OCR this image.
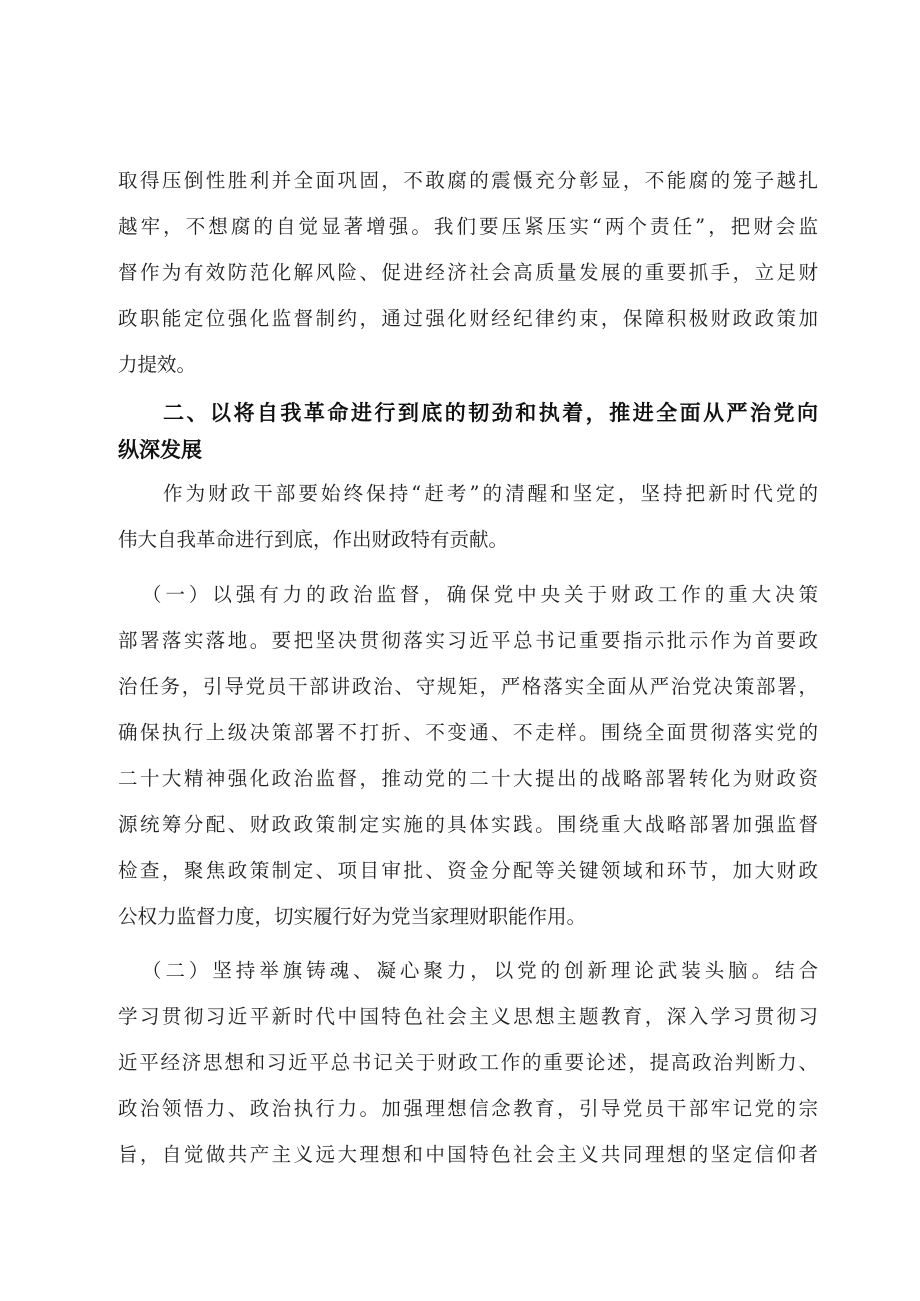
取得压倒性胜利并全面巩固，不敢腐的震慑充分彰显，不能腐的笼子越扎
越牢，不想腐的自觉显著增强。我们要压紧压实“两个责任”，把财会监
督作为有效防范化解风险、促进经济社会高质量发展的重要抓手，立足财
政职能定位强化监督制约，通过强化财经纪律约束，保障积极财政政策加
力提效。
二、以将自我革命进行到底的韧劲和执着，推进全面从严治党向
纵深发展
作为财政干部要始终保持“赶考”的清醒和坚定，坚持把新时代党的
伟大自我革命进行到底，作出财政特有贡献。
（一）以强有力的政治监督，确保党中央关于财政工作的重大决策
部署落实落地。要把坚决贯彻落实习近平总书记重要指示批示作为首要政
治任务，引导党员干部讲政治、守规矩，严格落实全面从严治党决策部署，
确保执行上级决策部署不打折、不变通、不走样。围绕全面贯彻落实党的
二十大精神强化政治监督，推动党的二十大提出的战略部署转化为财政资
源统筹分配、财政政策制定实施的具体实践。围绕重大战略部署加强监督
检查，聚焦政策制定、项目审批、资金分配等关键领域和环节，加大财政
公权力监督力度，切实履行好为党当家理财职能作用。
（二）坚持举旗铸魂、凝心聚力，以党的创新理论武装头脑。结合
学习贯彻习近平新时代中国特色社会主义思想主题教育，深入学习贯彻习
近平经济思想和习近平总书记关于财政工作的重要论述，提高政治判断力、
政治领悟力、政治执行力。加强理想信念教育，引导党员干部牢记党的宗
旨，自觉做共产主义远大理想和中国特色社会主义共同理想的坚定信仰者
